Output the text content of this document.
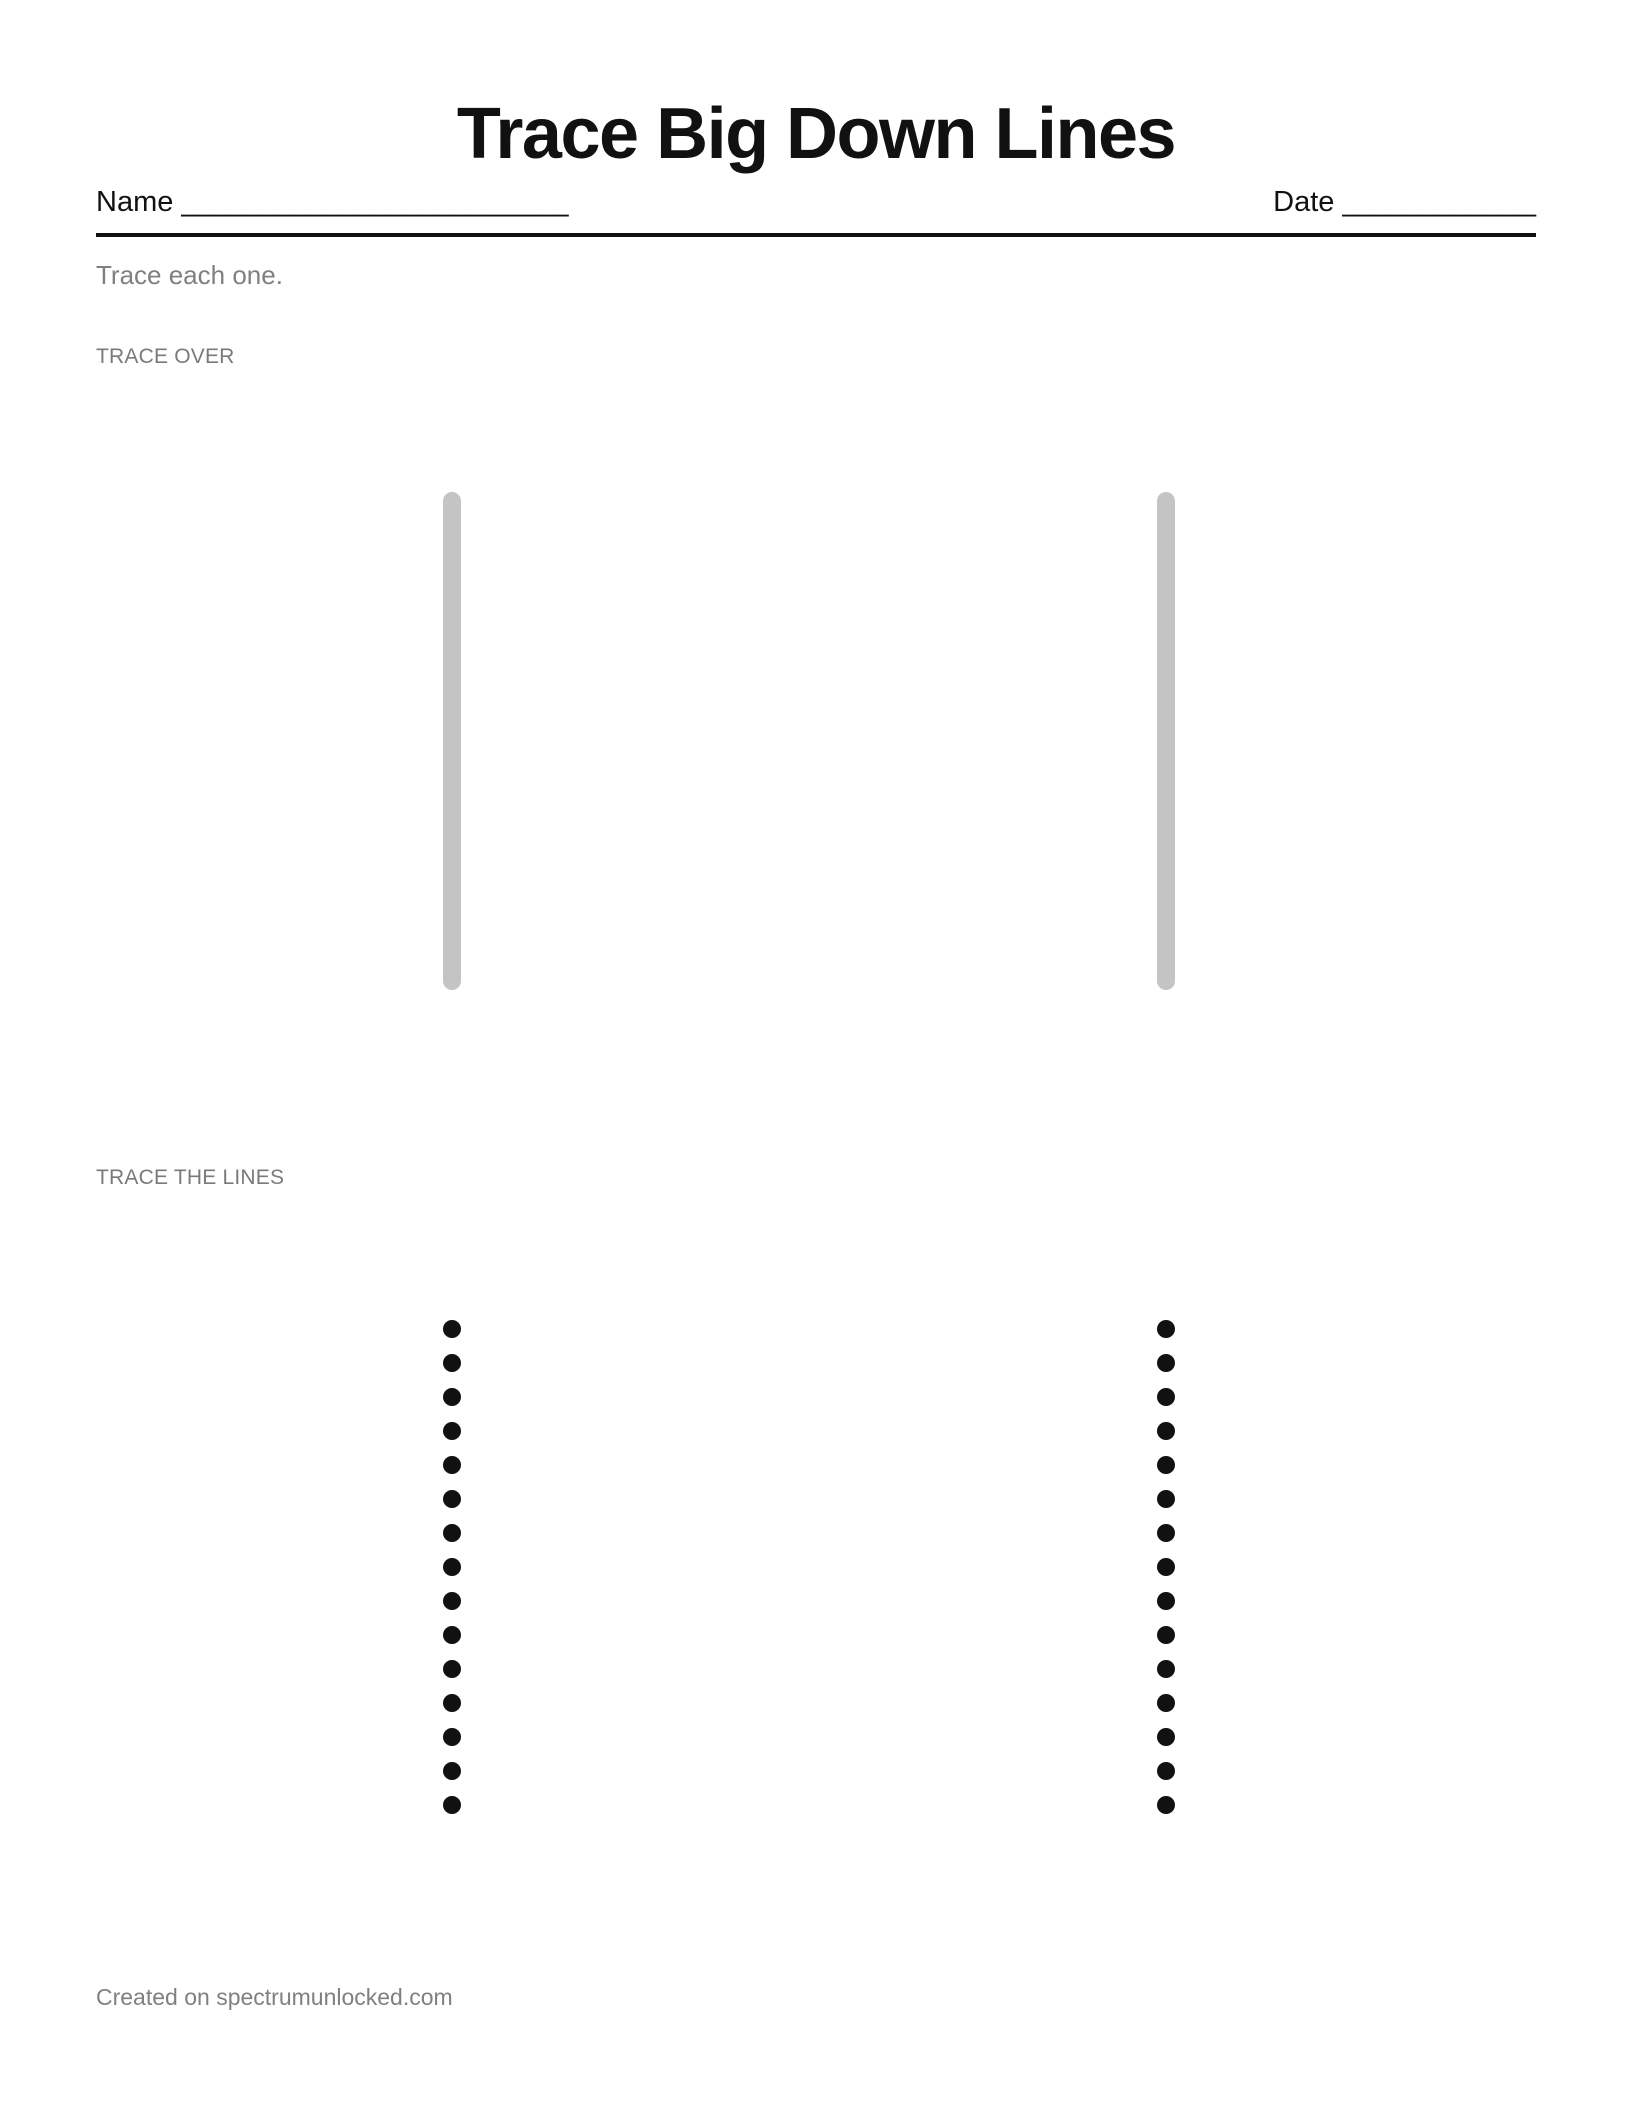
Trace Big Down Lines
Name ________________________	Date ____________
Trace each one.
TRACE OVER
TRACE THE LINES
Created on spectrumunlocked.com
